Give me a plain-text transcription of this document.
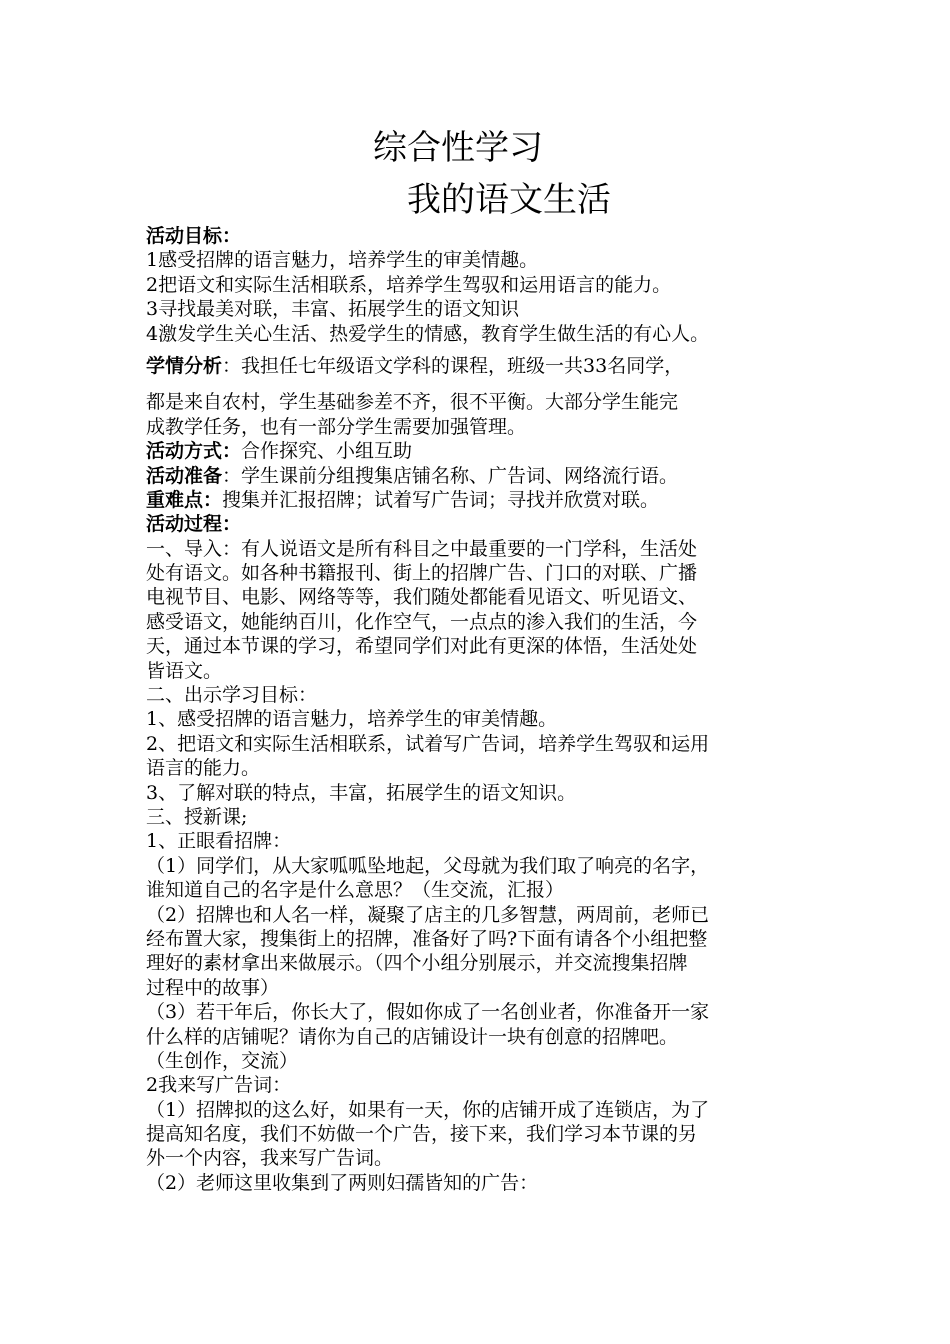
综合性学习
我的语文生活
活动目标：
1感受招牌的语言魅力，培养学生的审美情趣。
2把语文和实际生活相联系，培养学生驾驭和运用语言的能力。
3寻找最美对联，丰富、拓展学生的语文知识
4激发学生关心生活、热爱学生的情感，教育学生做生活的有心人。
学情分析：我担任七年级语文学科的课程，班级一共33名同学，
都是来自农村，学生基础参差不齐，很不平衡。大部分学生能完
成教学任务，也有一部分学生需要加强管理。
活动方式：合作探究、小组互助
活动准备：学生课前分组搜集店铺名称、广告词、网络流行语。
重难点：搜集并汇报招牌；试着写广告词；寻找并欣赏对联。
活动过程：
一、导入：有人说语文是所有科目之中最重要的一门学科，生活处
处有语文。如各种书籍报刊、街上的招牌广告、门口的对联、广播
电视节目、电影、网络等等，我们随处都能看见语文、听见语文、
感受语文，她能纳百川，化作空气，一点点的渗入我们的生活，今
天，通过本节课的学习，希望同学们对此有更深的体悟，生活处处
皆语文。
二、出示学习目标：
1、感受招牌的语言魅力，培养学生的审美情趣。
2、把语文和实际生活相联系，试着写广告词，培养学生驾驭和运用
语言的能力。
3、了解对联的特点，丰富，拓展学生的语文知识。
三、授新课;
1、正眼看招牌：
（1）同学们，从大家呱呱坠地起，父母就为我们取了响亮的名字，
谁知道自己的名字是什么意思？（生交流，汇报）
（2）招牌也和人名一样，凝聚了店主的几多智慧，两周前，老师已
经布置大家，搜集街上的招牌，准备好了吗?下面有请各个小组把整
理好的素材拿出来做展示。（四个小组分别展示，并交流搜集招牌
过程中的故事）
（3）若干年后，你长大了，假如你成了一名创业者，你准备开一家
什么样的店铺呢？请你为自己的店铺设计一块有创意的招牌吧。
（生创作，交流）
2我来写广告词：
（1）招牌拟的这么好，如果有一天，你的店铺开成了连锁店，为了
提高知名度，我们不妨做一个广告，接下来，我们学习本节课的另
外一个内容，我来写广告词。
（2）老师这里收集到了两则妇孺皆知的广告：
